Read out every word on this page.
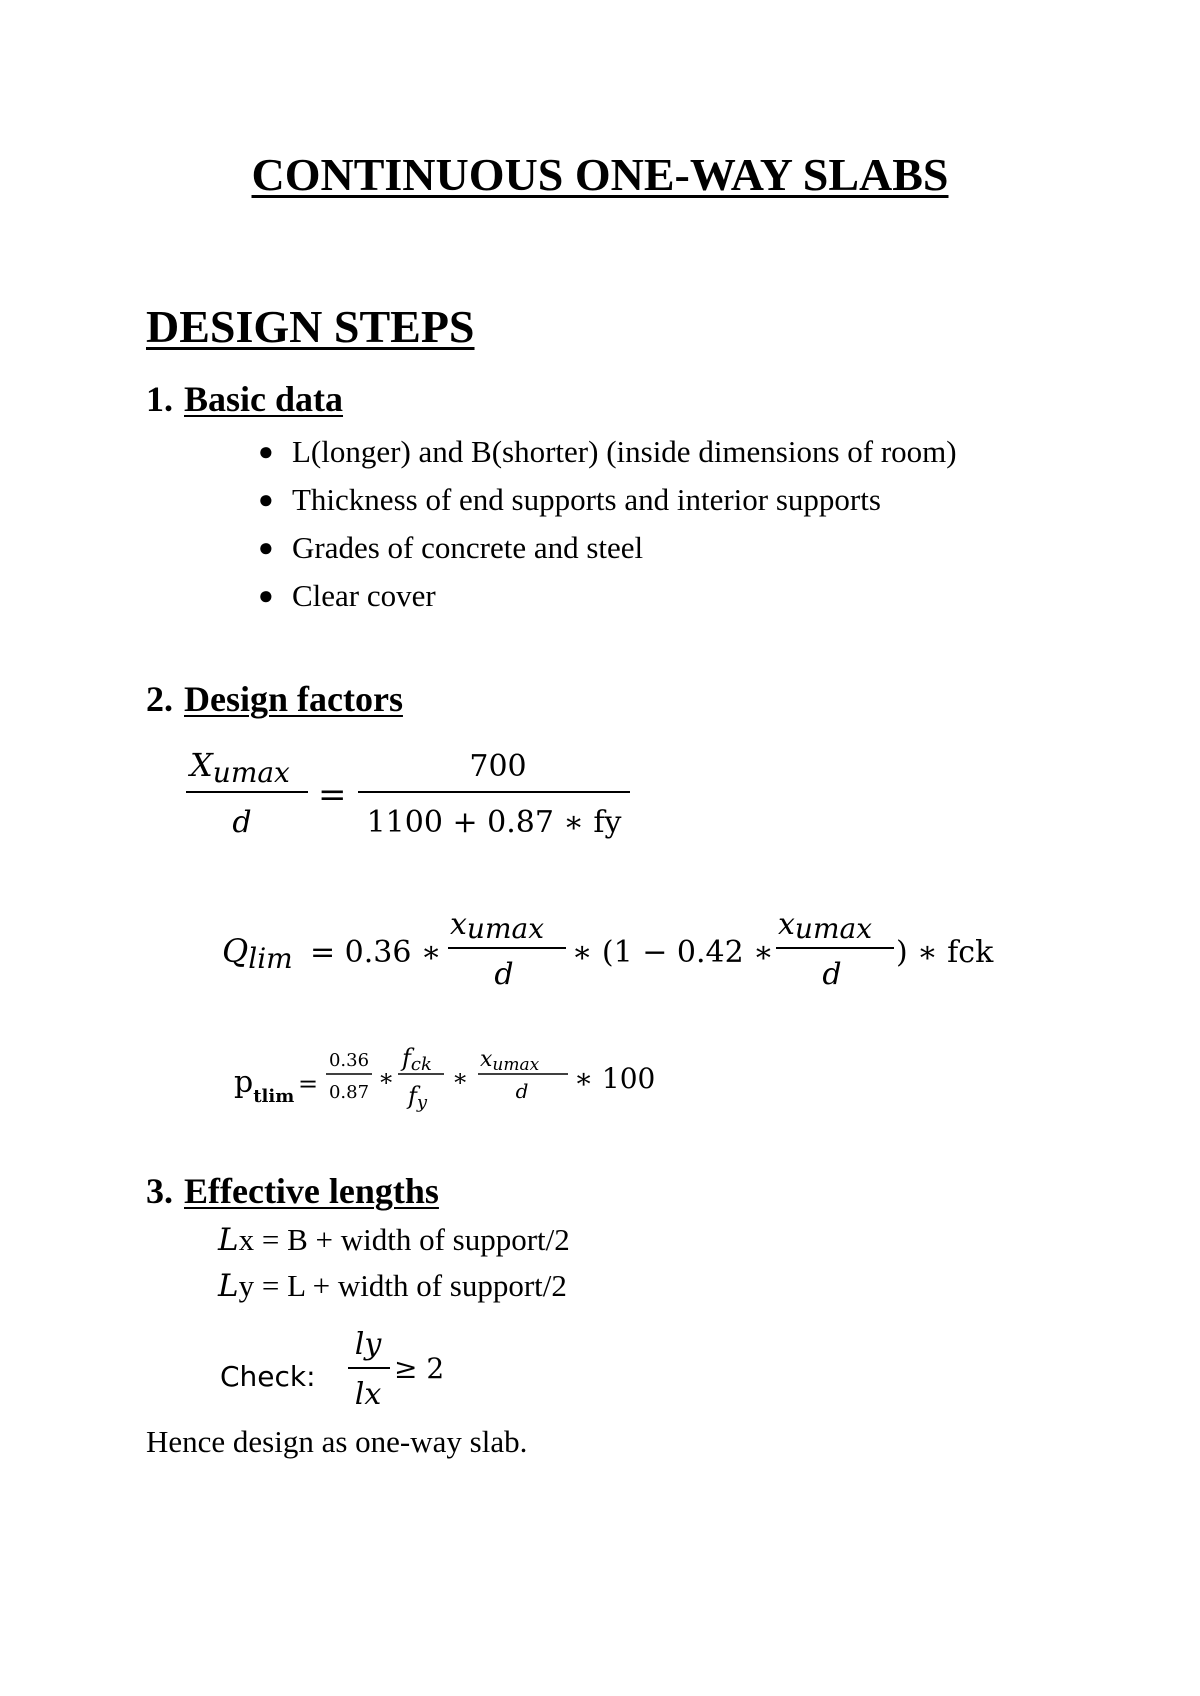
CONTINUOUS ONE-WAY SLABS
DESIGN STEPS
1. Basic data
● L(longer) and B(shorter) (inside dimensions of room)
● Thickness of end supports and interior supports
● Grades of concrete and steel
● Clear cover
2. Design factors
Xumax
d
=
700
1100 + 0.87 ∗ fy
Qlim = 0.36 ∗
xumax
d
∗ (1 − 0.42 ∗
xumax
d
) ∗ fck
$p_{tlim}$ =
0.36
0.87
∗
fck
fy
∗
xumax
d ∗ 100
3. Effective lengths
Lx = B + width of support/2
Ly = L + width of support/2
Check:
ly
lx
≥ 2
Hence design as one-way slab.
